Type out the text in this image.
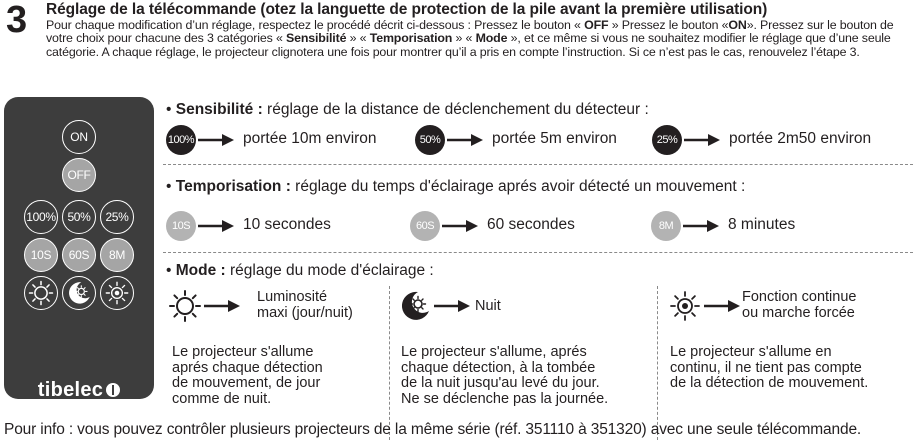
3 Réglage de la télécommande (otez la languette de protection de la pile avant la première utilisation)
Pour chaque modification d’un réglage, respectez le procédé décrit ci-dessous : Pressez le bouton « OFF » Pressez le bouton «ON». Pressez sur le bouton de votre choix pour chacune des 3 catégories « Sensibilité » « Temporisation » « Mode », et ce même si vous ne souhaitez modifier le réglage que d’une seule catégorie. A chaque réglage, le projecteur clignotera une fois pour montrer qu’il a pris en compte l’instruction. Si ce n’est pas le cas, renouvelez l’étape 3.
ON
OFF
100% 50%	25%
10S	60S	8M
tibelec
• Sensibilité : réglage de la distance de déclenchement du détecteur :
100%	portée 10m environ	50%	portée 5m environ	25%	portée 2m50 environ
• Temporisation : réglage du temps d'éclairage aprés avoir détecté un mouvement :
10S	10 secondes	60S	60 secondes	8M	8 minutes
• Mode : réglage du mode d'éclairage :
Luminosité
maxi (jour/nuit)
Le projecteur s'allume
aprés chaque détection
de mouvement, de jour
comme de nuit.
Nuit
Le projecteur s'allume, aprés
chaque détection, à la tombée
de la nuit jusqu'au levé du jour.
Ne se déclenche pas la journée.
Fonction continue
ou marche forcée
Le projecteur s'allume en
continu, il ne tient pas compte
de la détection de mouvement.
Pour info : vous pouvez contrôler plusieurs projecteurs de la même série (réf. 351110 à 351320) avec une seule télécommande.
